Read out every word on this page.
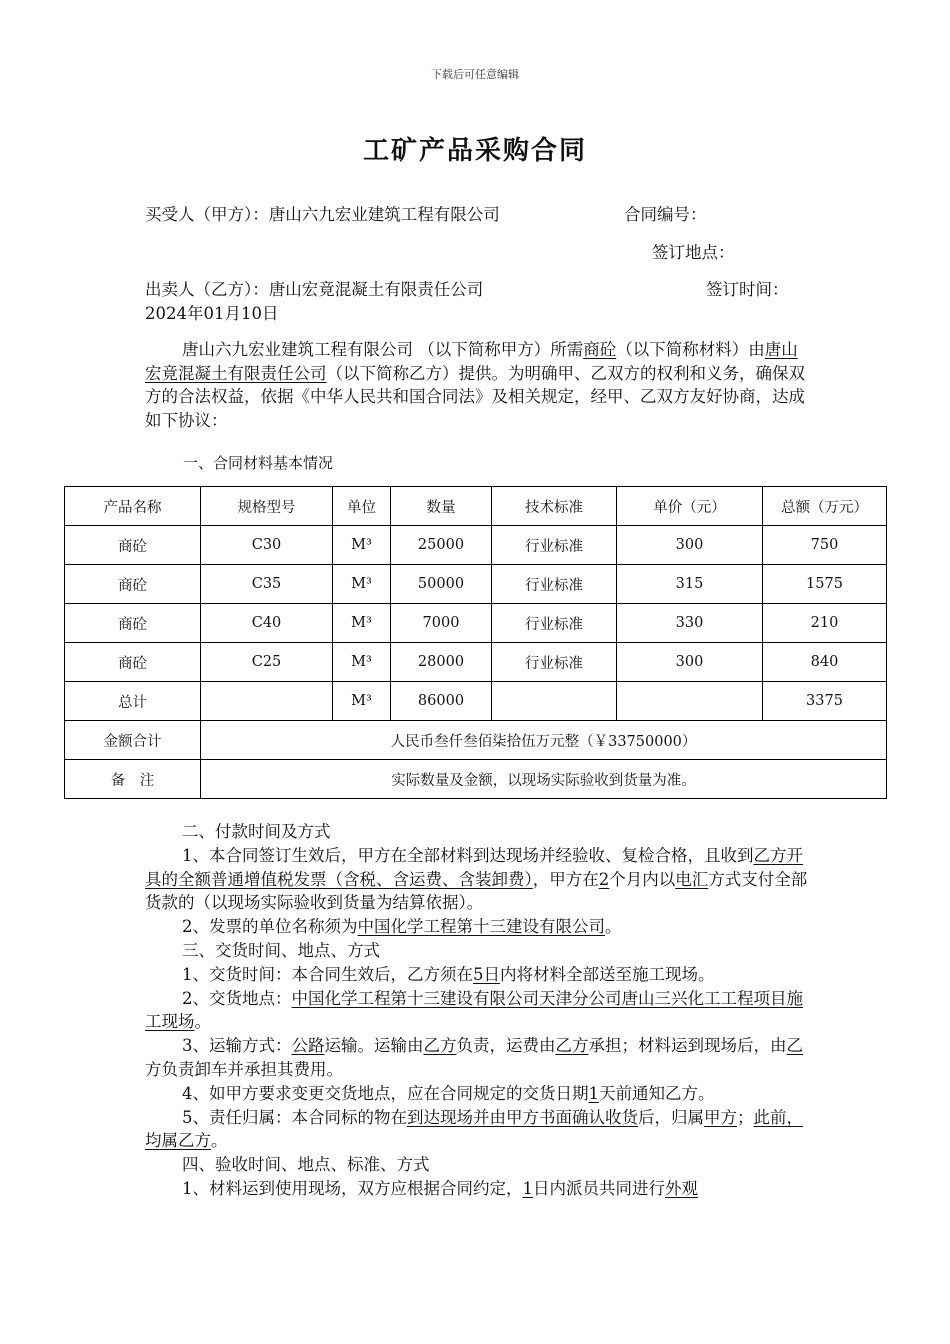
下载后可任意编辑
工矿产品采购合同
买受人（甲方）：唐山六九宏业建筑工程有限公司	合同编号：
签订地点：
出卖人（乙方）：唐山宏竟混凝土有限责任公司	签订时间：
2024年01月10日
唐山六九宏业建筑工程有限公司 （以下简称甲方）所需商砼（以下简称材料）由唐山宏竟混凝土有限责任公司（以下简称乙方）提供。为明确甲、乙双方的权利和义务，确保双方的合法权益，依据《中华人民共和国合同法》及相关规定，经甲、乙双方友好协商，达成如下协议：
一、合同材料基本情况
产品名称	规格型号	单位	数量	技术标准	单价（元）	总额（万元）
商砼	C30	M³	25000	行业标准	300	750
商砼	C35	M³	50000	行业标准	315	1575
商砼	C40	M³	7000	行业标准	330	210
商砼	C25	M³	28000	行业标准	300	840
总计		M³	86000			3375
金额合计	人民币叁仟叁佰柒拾伍万元整（￥33750000）					
备　注	实际数量及金额，以现场实际验收到货量为准。					

二、付款时间及方式

1、本合同签订生效后，甲方在全部材料到达现场并经验收、复检合格，且收到乙方开具的全额普通增值税发票（含税、含运费、含装卸费），甲方在2个月内以电汇方式支付全部货款的（以现场实际验收到货量为结算依据）。

2、发票的单位名称须为中国化学工程第十三建设有限公司。

三、交货时间、地点、方式

1、交货时间：本合同生效后，乙方须在5日内将材料全部送至施工现场。

2、交货地点：中国化学工程第十三建设有限公司天津分公司唐山三兴化工工程项目施工现场。

3、运输方式：公路运输。运输由乙方负责，运费由乙方承担；材料运到现场后，由乙方负责卸车并承担其费用。

4、如甲方要求变更交货地点，应在合同规定的交货日期1天前通知乙方。

5、责任归属：本合同标的物在到达现场并由甲方书面确认收货后，归属甲方；此前，均属乙方。

四、验收时间、地点、标准、方式

1、材料运到使用现场，双方应根据合同约定，1日内派员共同进行外观
